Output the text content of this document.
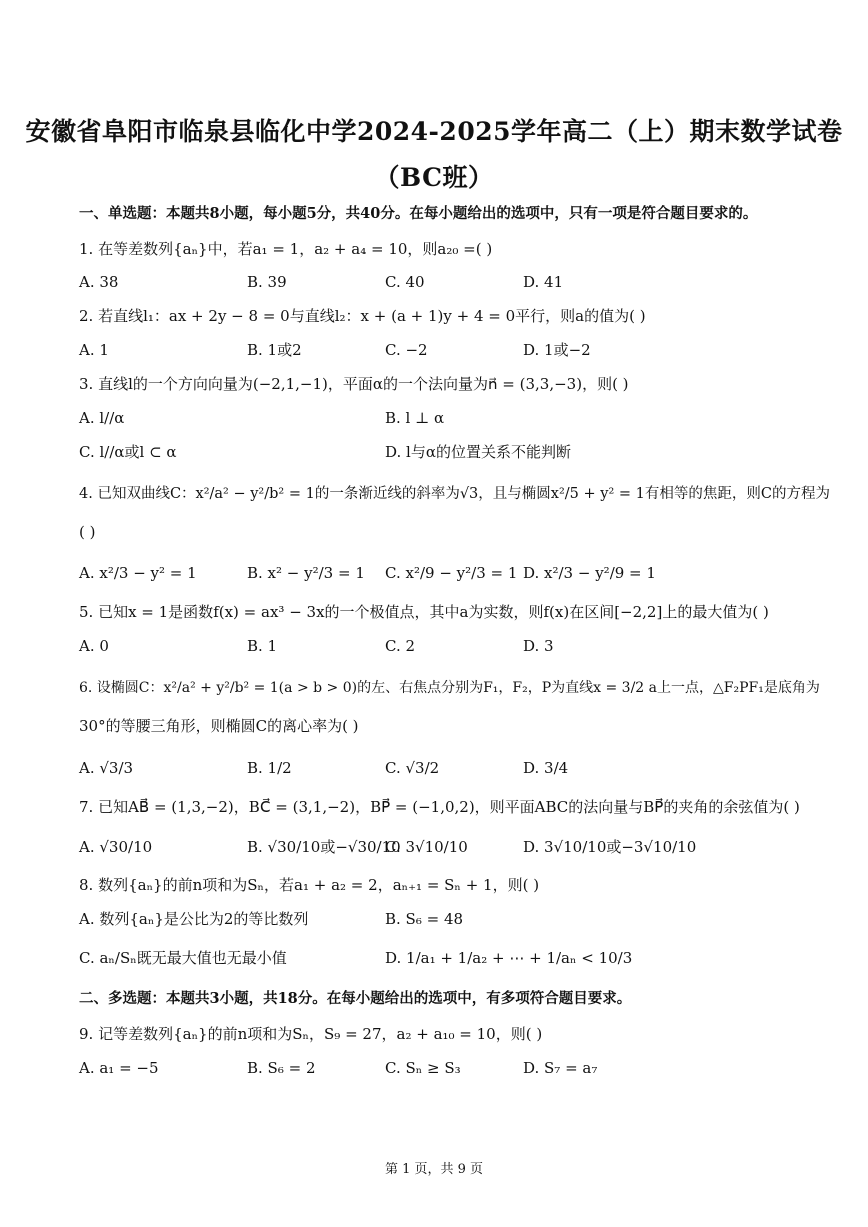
安徽省阜阳市临泉县临化中学2024-2025学年高二（上）期末数学试卷
（BC班）
一、单选题：本题共8小题，每小题5分，共40分。在每小题给出的选项中，只有一项是符合题目要求的。
1. 在等差数列{aₙ}中，若a₁ = 1，a₂ + a₄ = 10，则a₂₀ =( )
A. 38	B. 39	C. 40	D. 41
2. 若直线l₁：ax + 2y − 8 = 0与直线l₂：x + (a + 1)y + 4 = 0平行，则a的值为( )
A. 1	B. 1或2	C. −2	D. 1或−2
3. 直线l的一个方向向量为(−2,1,−1)，平面α的一个法向量为n⃗ = (3,3,−3)，则( )
A. l//α	B. l ⊥ α
C. l//α或l ⊂ α	D. l与α的位置关系不能判断
4. 已知双曲线C：x²/a² − y²/b² = 1的一条渐近线的斜率为√3，且与椭圆x²/5 + y² = 1有相等的焦距，则C的方程为
( )
A. x²/3 − y² = 1	B. x² − y²/3 = 1 C. x²/9 − y²/3 = 1 D. x²/3 − y²/9 = 1
5. 已知x = 1是函数f(x) = ax³ − 3x的一个极值点，其中a为实数，则f(x)在区间[−2,2]上的最大值为( )
A. 0	B. 1	C. 2	D. 3
6. 设椭圆C：x²/a² + y²/b² = 1(a > b > 0)的左、右焦点分别为F₁，F₂，P为直线x = 3/2 a上一点，△F₂PF₁是底角为
30°的等腰三角形，则椭圆C的离心率为( )
A. √3/3	B. 1/2	C. √3/2	D. 3/4
7. 已知AB⃗ = (1,3,−2)，BC⃗ = (3,1,−2)，BP⃗ = (−1,0,2)，则平面ABC的法向量与BP⃗的夹角的余弦值为( )
A. √30/10	B. √30/10或−√30/10
C. 3√10/10	D. 3√10/10或−3√10/10
8. 数列{aₙ}的前n项和为Sₙ，若a₁ + a₂ = 2，aₙ₊₁ = Sₙ + 1，则( )
A. 数列{aₙ}是公比为2的等比数列	B. S₆ = 48
C. aₙ/Sₙ既无最大值也无最小值	D. 1/a₁ + 1/a₂ + ⋯ + 1/aₙ < 10/3
二、多选题：本题共3小题，共18分。在每小题给出的选项中，有多项符合题目要求。
9. 记等差数列{aₙ}的前n项和为Sₙ，S₉ = 27，a₂ + a₁₀ = 10，则( )
A. a₁ = −5	B. S₆ = 2	C. Sₙ ≥ S₃	D. S₇ = a₇
第 1 页，共 9 页
